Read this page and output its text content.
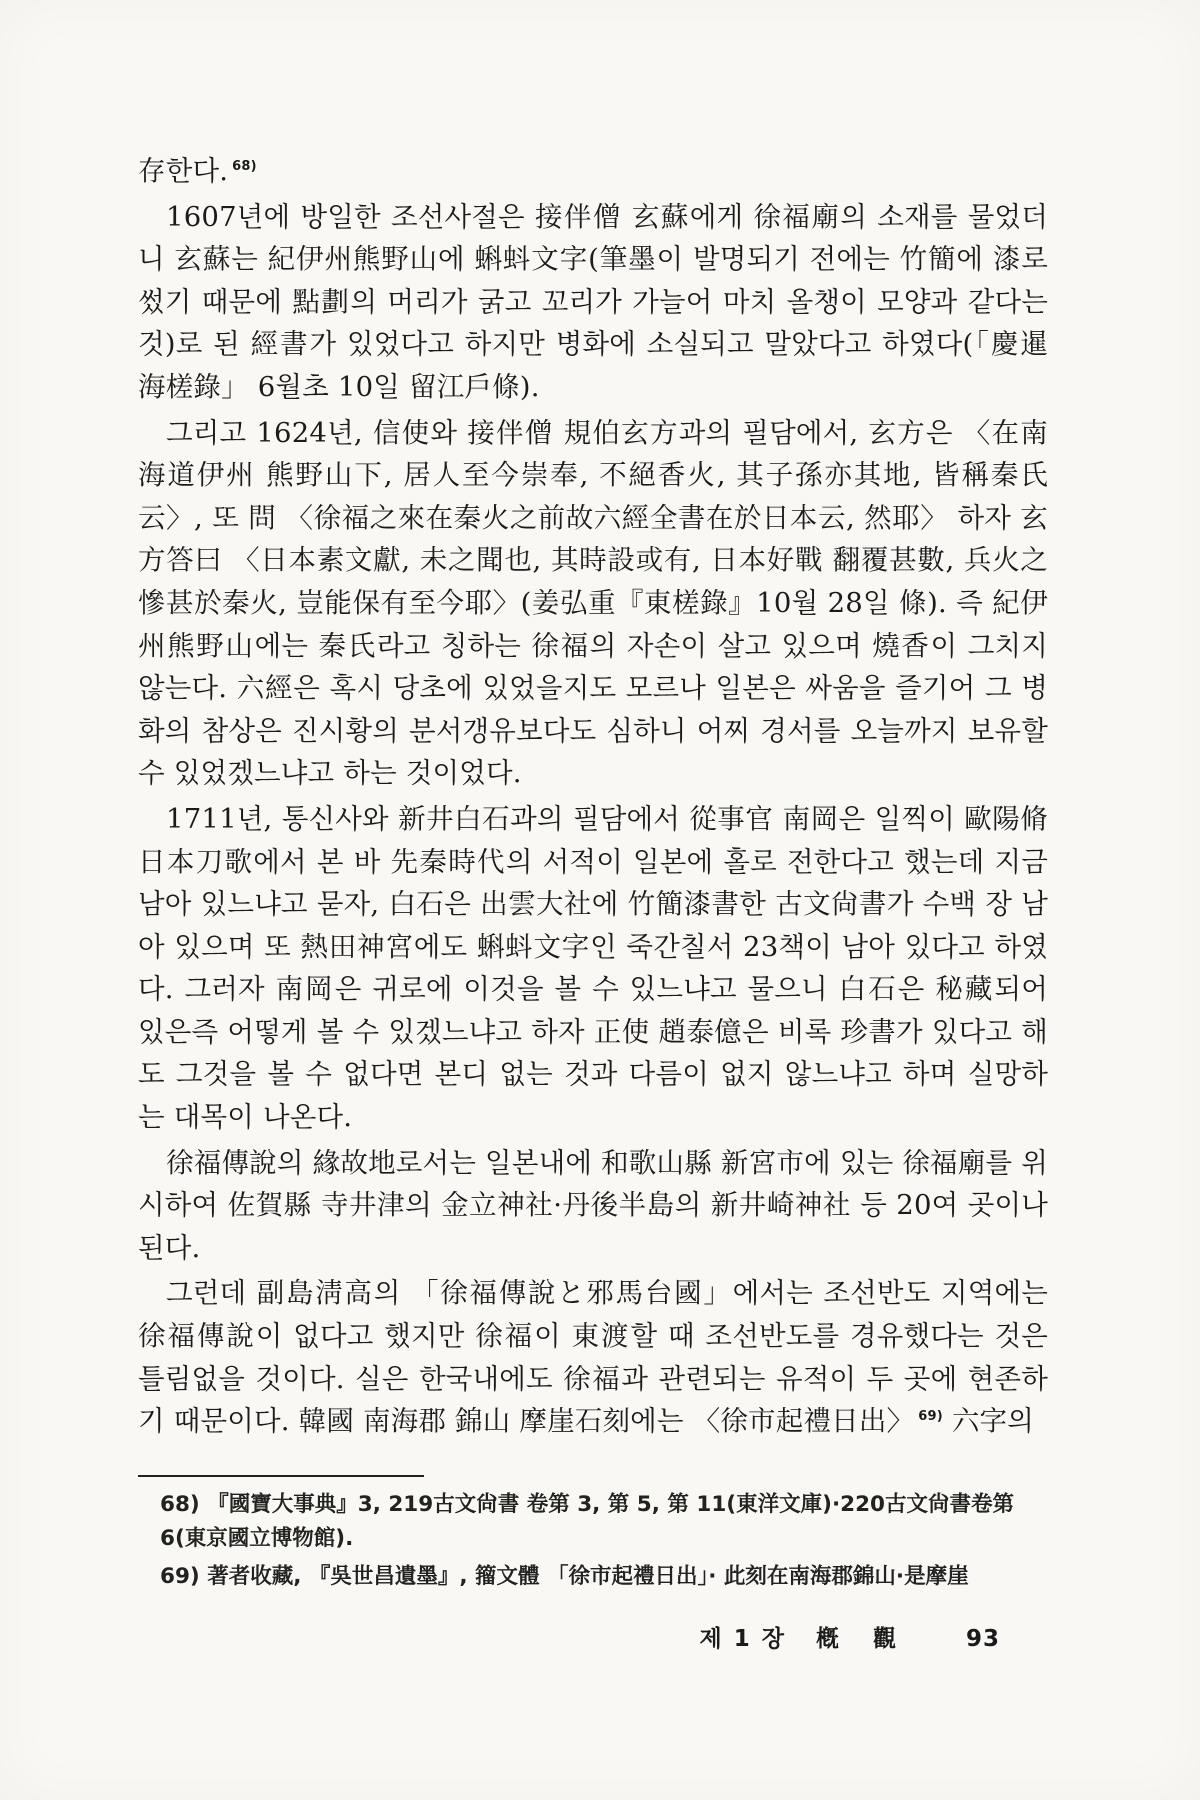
存한다. $^{68)}$

1607년에 방일한 조선사절은 接伴僧 玄蘇에게 徐福廟의 소재를 물었더니 玄蘇는 紀伊州熊野山에 蝌蚪文字(筆墨이 발명되기 전에는 竹簡에 漆로 썼기 때문에 點劃의 머리가 굵고 꼬리가 가늘어 마치 올챙이 모양과 같다는 것)로 된 經書가 있었다고 하지만 병화에 소실되고 말았다고 하였다(「慶暹海槎錄」 6월초 10일 留江戶條).

그리고 1624년, 信使와 接伴僧 規伯玄方과의 필담에서, 玄方은 〈在南海道伊州 熊野山下, 居人至今崇奉, 不絕香火, 其子孫亦其地, 皆稱秦氏云〉, 또 問 〈徐福之來在秦火之前故六經全書在於日本云, 然耶〉 하자 玄方答曰 〈日本素文獻, 未之聞也, 其時設或有, 日本好戰 翻覆甚數, 兵火之慘甚於秦火, 豈能保有至今耶〉(姜弘重『東槎錄』10월 28일 條). 즉 紀伊州熊野山에는 秦氏라고 칭하는 徐福의 자손이 살고 있으며 燒香이 그치지 않는다. 六經은 혹시 당초에 있었을지도 모르나 일본은 싸움을 즐기어 그 병화의 참상은 진시황의 분서갱유보다도 심하니 어찌 경서를 오늘까지 보유할 수 있었겠느냐고 하는 것이었다.

1711년, 통신사와 新井白石과의 필담에서 從事官 南岡은 일찍이 歐陽脩 日本刀歌에서 본 바 先秦時代의 서적이 일본에 홀로 전한다고 했는데 지금 남아 있느냐고 묻자, 白石은 出雲大社에 竹簡漆書한 古文尙書가 수백 장 남아 있으며 또 熱田神宮에도 蝌蚪文字인 죽간칠서 23책이 남아 있다고 하였다. 그러자 南岡은 귀로에 이것을 볼 수 있느냐고 물으니 白石은 秘藏되어 있은즉 어떻게 볼 수 있겠느냐고 하자 正使 趙泰億은 비록 珍書가 있다고 해도 그것을 볼 수 없다면 본디 없는 것과 다름이 없지 않느냐고 하며 실망하는 대목이 나온다.

徐福傳說의 緣故地로서는 일본내에 和歌山縣 新宮市에 있는 徐福廟를 위시하여 佐賀縣 寺井津의 金立神社·丹後半島의 新井崎神社 등 20여 곳이나 된다.

그런데 副島淸高의 「徐福傳說と邪馬台國」에서는 조선반도 지역에는 徐福傳說이 없다고 했지만 徐福이 東渡할 때 조선반도를 경유했다는 것은 틀림없을 것이다. 실은 한국내에도 徐福과 관련되는 유적이 두 곳에 현존하기 때문이다. 韓國 南海郡 錦山 摩崖石刻에는 〈徐市起禮日出〉 $^{69)}$ 六字의

68) 『國寶大事典』3, 219古文尙書 卷第 3, 第 5, 第 11(東洋文庫)·220古文尙書卷第 6(東京國立博物館).

69) 著者收藏, 『吳世昌遺墨』, 籀文體 「徐市起禮日出」· 此刻在南海郡錦山·是摩崖

제 1 장 槪觀 93
